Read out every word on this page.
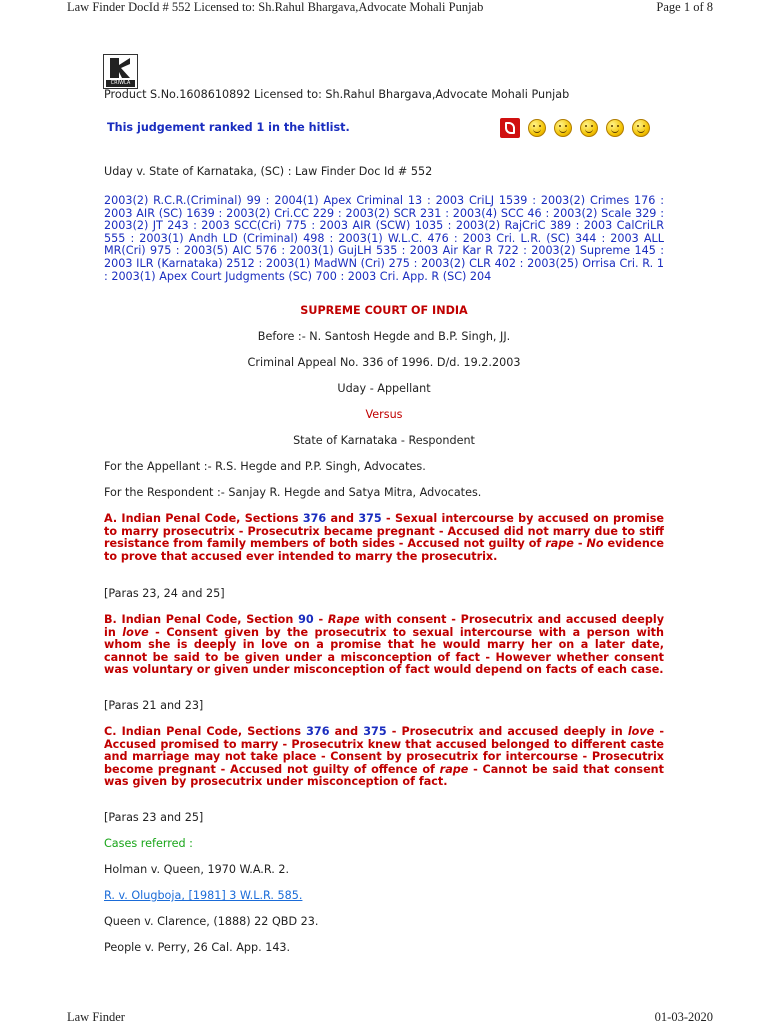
Law Finder DocId # 552 Licensed to: Sh.Rahul Bhargava,Advocate Mohali Punjab	Page 1 of 8
CRIWLA
Product S.No.1608610892 Licensed to: Sh.Rahul Bhargava,Advocate Mohali Punjab
This judgement ranked 1 in the hitlist.
Uday v. State of Karnataka, (SC) : Law Finder Doc Id # 552
2003(2) R.C.R.(Criminal) 99 : 2004(1) Apex Criminal 13 : 2003 CriLJ 1539 : 2003(2) Crimes 176 : 2003 AIR (SC) 1639 : 2003(2) Cri.CC 229 : 2003(2) SCR 231 : 2003(4) SCC 46 : 2003(2) Scale 329 : 2003(2) JT 243 : 2003 SCC(Cri) 775 : 2003 AIR (SCW) 1035 : 2003(2) RajCriC 389 : 2003 CalCriLR 555 : 2003(1) Andh LD (Criminal) 498 : 2003(1) W.L.C. 476 : 2003 Cri. L.R. (SC) 344 : 2003 ALL MR(Cri) 975 : 2003(5) AIC 576 : 2003(1) GujLH 535 : 2003 Air Kar R 722 : 2003(2) Supreme 145 : 2003 ILR (Karnataka) 2512 : 2003(1) MadWN (Cri) 275 : 2003(2) CLR 402 : 2003(25) Orrisa Cri. R. 1 : 2003(1) Apex Court Judgments (SC) 700 : 2003 Cri. App. R (SC) 204
SUPREME COURT OF INDIA
Before :- N. Santosh Hegde and B.P. Singh, JJ.
Criminal Appeal No. 336 of 1996. D/d. 19.2.2003
Uday - Appellant
Versus
State of Karnataka - Respondent
For the Appellant :- R.S. Hegde and P.P. Singh, Advocates.
For the Respondent :- Sanjay R. Hegde and Satya Mitra, Advocates.
A. Indian Penal Code, Sections 376 and 375 - Sexual intercourse by accused on promise to marry prosecutrix - Prosecutrix became pregnant - Accused did not marry due to stiff resistance from family members of both sides - Accused not guilty of rape - No evidence to prove that accused ever intended to marry the prosecutrix.
[Paras 23, 24 and 25]
B. Indian Penal Code, Section 90 - Rape with consent - Prosecutrix and accused deeply in love - Consent given by the prosecutrix to sexual intercourse with a person with whom she is deeply in love on a promise that he would marry her on a later date, cannot be said to be given under a misconception of fact - However whether consent was voluntary or given under misconception of fact would depend on facts of each case.
[Paras 21 and 23]
C. Indian Penal Code, Sections 376 and 375 - Prosecutrix and accused deeply in love - Accused promised to marry - Prosecutrix knew that accused belonged to different caste and marriage may not take place - Consent by prosecutrix for intercourse - Prosecutrix become pregnant - Accused not guilty of offence of rape - Cannot be said that consent was given by prosecutrix under misconception of fact.
[Paras 23 and 25]
Cases referred :
Holman v. Queen, 1970 W.A.R. 2.
R. v. Olugboja, [1981] 3 W.L.R. 585.
Queen v. Clarence, (1888) 22 QBD 23.
People v. Perry, 26 Cal. App. 143.
Law Finder	01-03-2020
